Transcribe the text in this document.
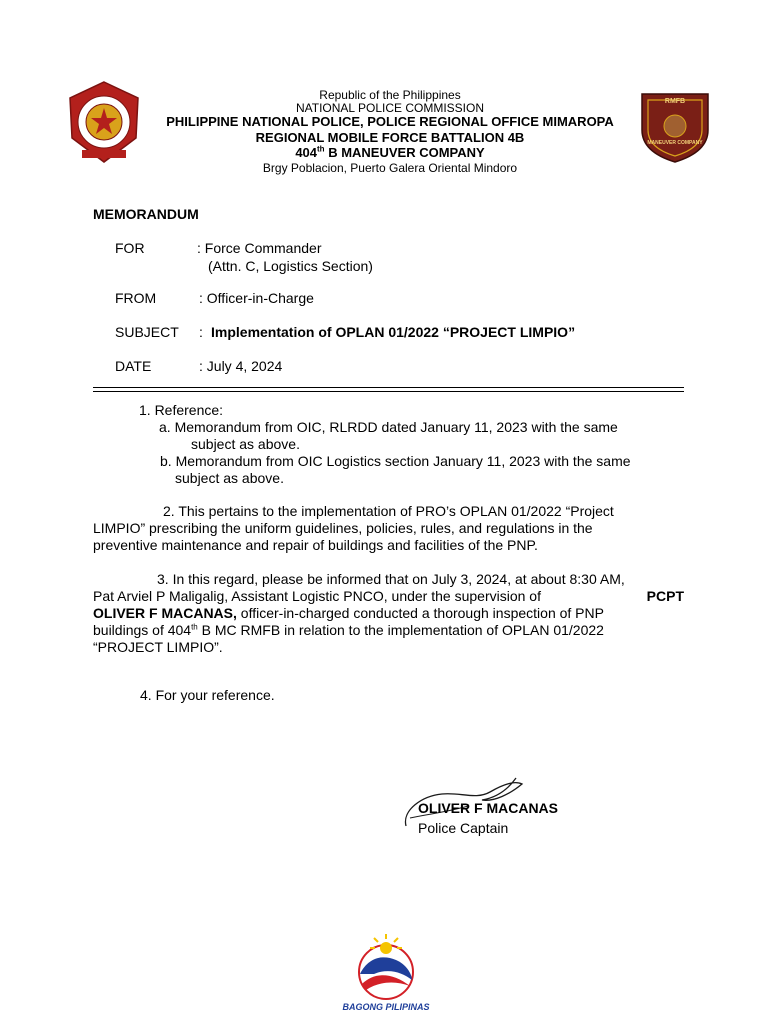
RMFB
MANEUVER COMPANY
Republic of the Philippines
NATIONAL POLICE COMMISSION
PHILIPPINE NATIONAL POLICE, POLICE REGIONAL OFFICE MIMAROPA
REGIONAL MOBILE FORCE BATTALION 4B
404th B MANEUVER COMPANY
Brgy Poblacion, Puerto Galera Oriental Mindoro
MEMORANDUM
FOR	: Force Commander
(Attn. C, Logistics Section)
FROM	: Officer-in-Charge
SUBJECT : Implementation of OPLAN 01/2022 “PROJECT LIMPIO”
DATE	: July 4, 2024
1. Reference:
a. Memorandum from OIC, RLRDD dated January 11, 2023 with the same
subject as above.
b. Memorandum from OIC Logistics section January 11, 2023 with the same
subject as above.
2. This pertains to the implementation of PRO’s OPLAN 01/2022 “Project
LIMPIO” prescribing the uniform guidelines, policies, rules, and regulations in the
preventive maintenance and repair of buildings and facilities of the PNP.
3. In this regard, please be informed that on July 3, 2024, at about 8:30 AM,
Pat Arviel P Maligalig, Assistant Logistic PNCO, under the supervision of	PCPT
OLIVER F MACANAS, officer-in-charged conducted a thorough inspection of PNP
buildings of 404th B MC RMFB in relation to the implementation of OPLAN 01/2022
“PROJECT LIMPIO”.
4. For your reference.
OLIVER F MACANAS
Police Captain
BAGONG PILIPINAS
